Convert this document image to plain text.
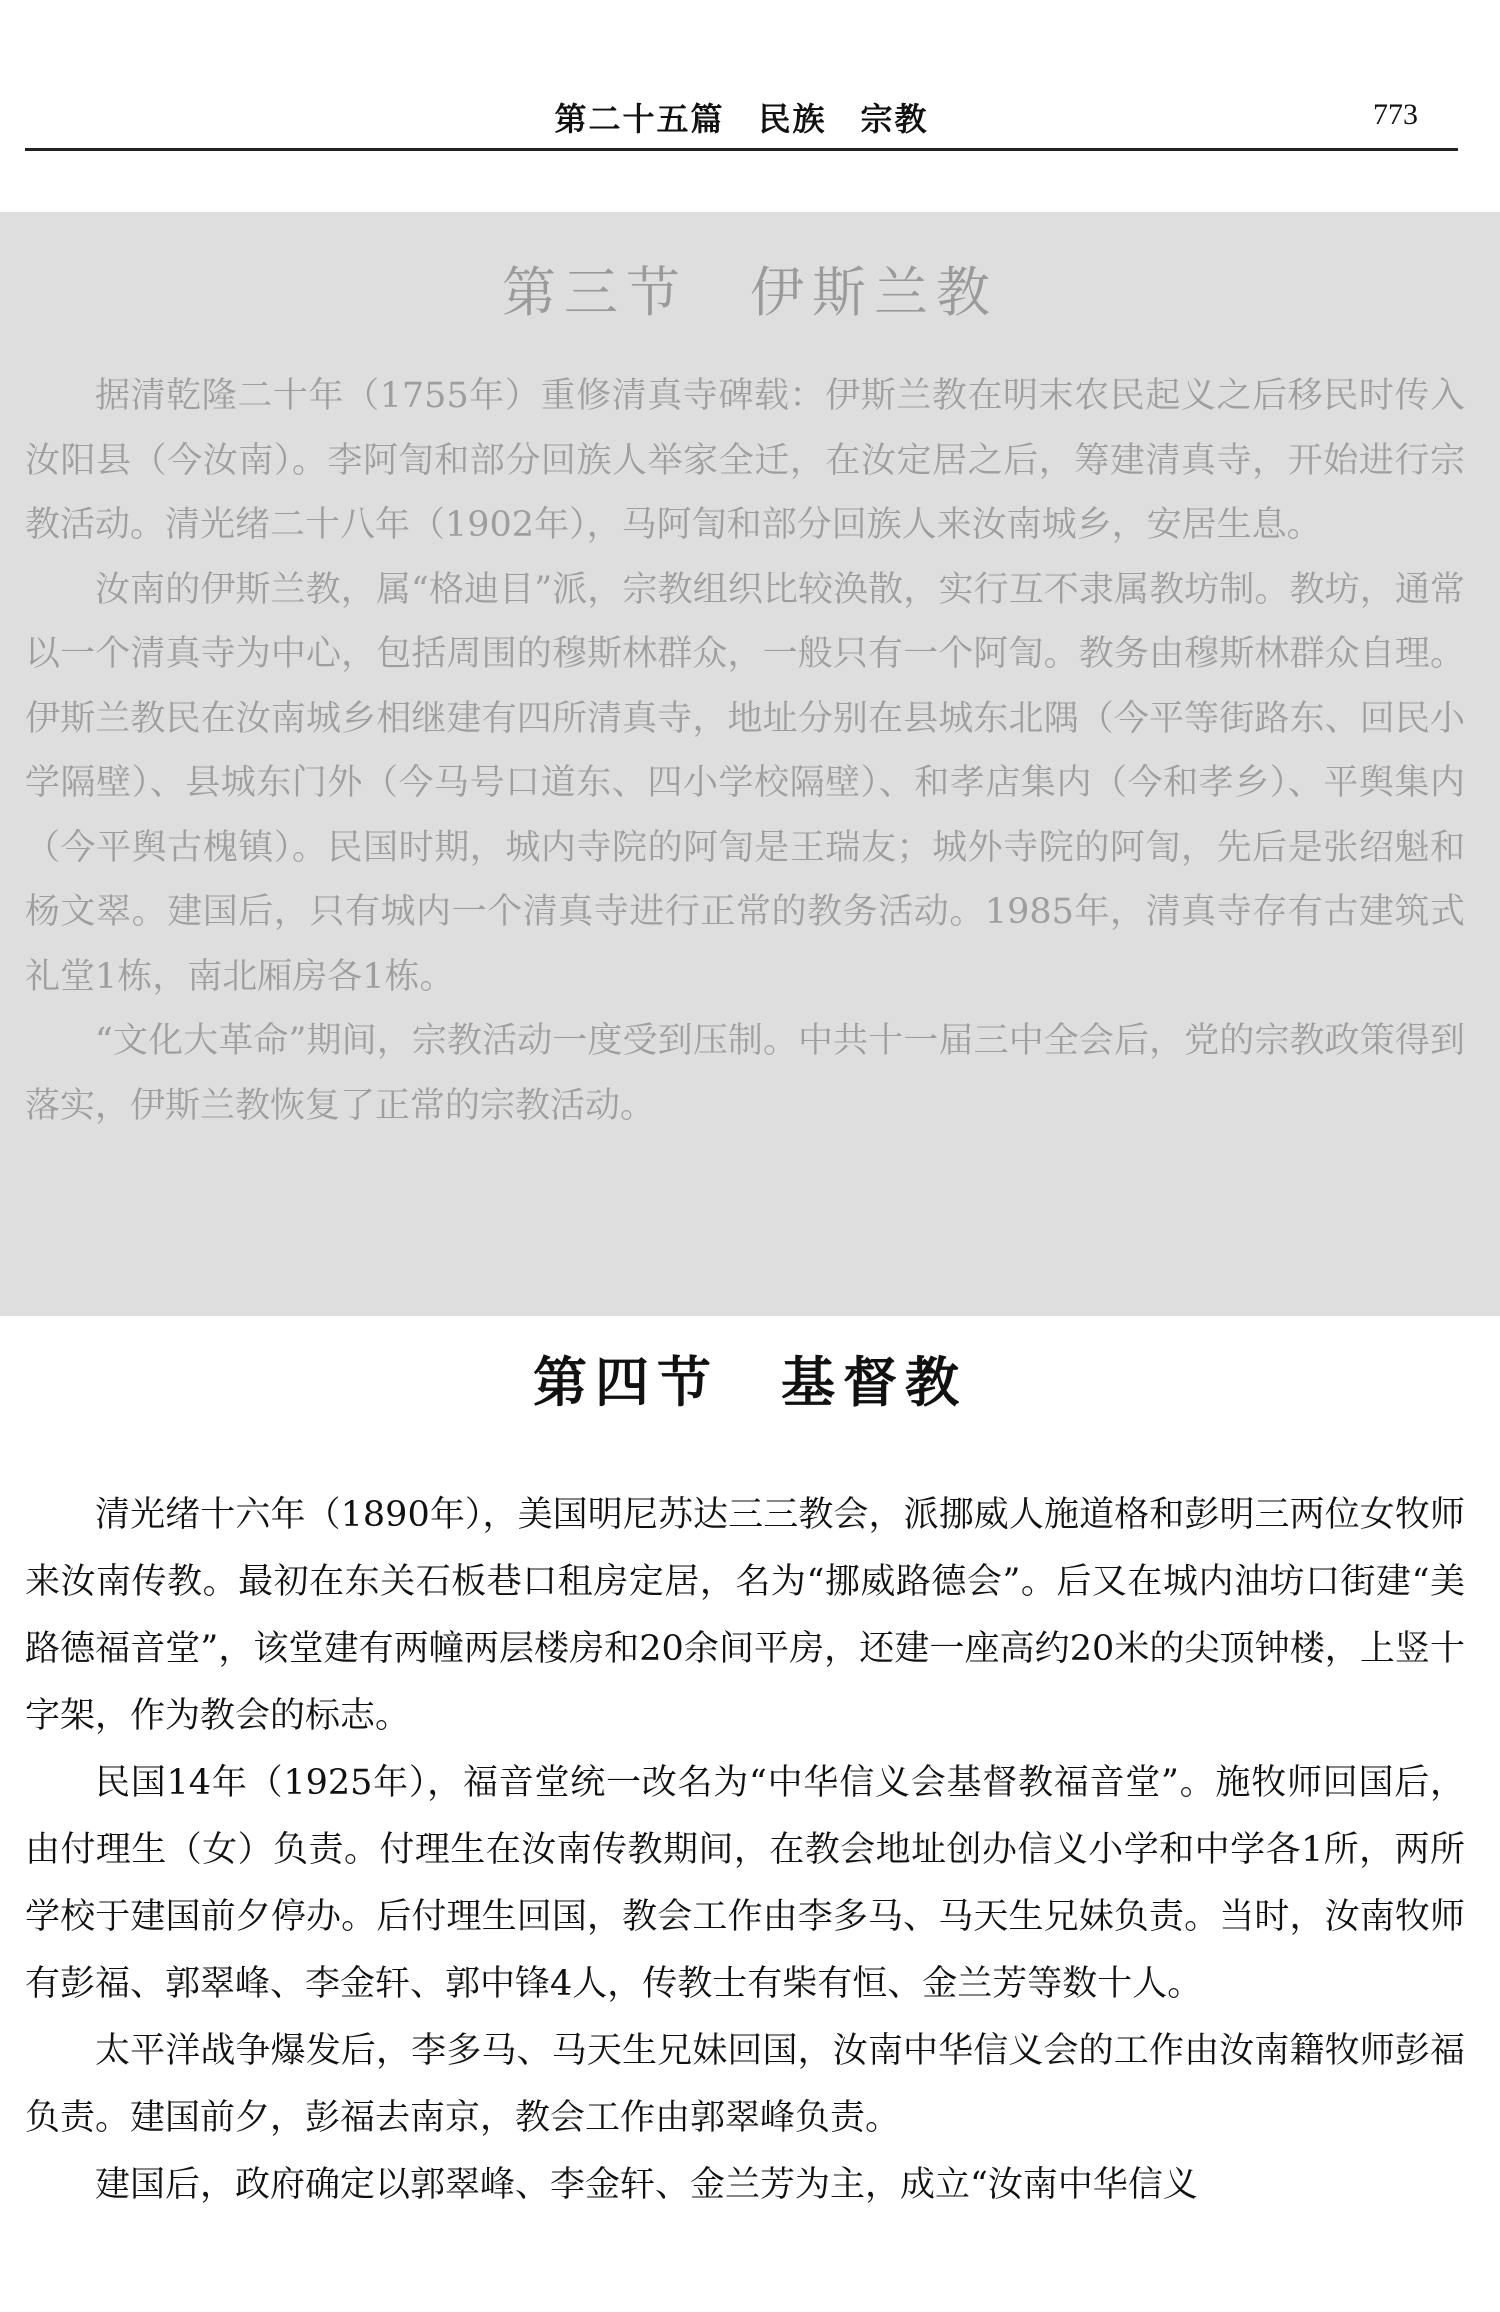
第二十五篇　民族　宗教	773
第三节　伊斯兰教

据清乾隆二十年（1755年）重修清真寺碑载：伊斯兰教在明末农民起义之后移民时传入汝阳县（今汝南）。李阿訇和部分回族人举家全迁，在汝定居之后，筹建清真寺，开始进行宗教活动。清光绪二十八年（1902年），马阿訇和部分回族人来汝南城乡，安居生息。

汝南的伊斯兰教，属“格迪目”派，宗教组织比较涣散，实行互不隶属教坊制。教坊，通常以一个清真寺为中心，包括周围的穆斯林群众，一般只有一个阿訇。教务由穆斯林群众自理。伊斯兰教民在汝南城乡相继建有四所清真寺，地址分别在县城东北隅（今平等街路东、回民小学隔壁）、县城东门外（今马号口道东、四小学校隔壁）、和孝店集内（今和孝乡）、平舆集内（今平舆古槐镇）。民国时期，城内寺院的阿訇是王瑞友；城外寺院的阿訇，先后是张绍魁和杨文翠。建国后，只有城内一个清真寺进行正常的教务活动。1985年，清真寺存有古建筑式礼堂1栋，南北厢房各1栋。

“文化大革命”期间，宗教活动一度受到压制。中共十一届三中全会后，党的宗教政策得到落实，伊斯兰教恢复了正常的宗教活动。

第四节　基督教

清光绪十六年（1890年），美国明尼苏达三三教会，派挪威人施道格和彭明三两位女牧师来汝南传教。最初在东关石板巷口租房定居，名为“挪威路德会”。后又在城内油坊口街建“美路德福音堂”，该堂建有两幢两层楼房和20余间平房，还建一座高约20米的尖顶钟楼，上竖十字架，作为教会的标志。

民国14年（1925年），福音堂统一改名为“中华信义会基督教福音堂”。施牧师回国后，由付理生（女）负责。付理生在汝南传教期间，在教会地址创办信义小学和中学各1所，两所学校于建国前夕停办。后付理生回国，教会工作由李多马、马天生兄妹负责。当时，汝南牧师有彭福、郭翠峰、李金轩、郭中锋4人，传教士有柴有恒、金兰芳等数十人。

太平洋战争爆发后，李多马、马天生兄妹回国，汝南中华信义会的工作由汝南籍牧师彭福负责。建国前夕，彭福去南京，教会工作由郭翠峰负责。

建国后，政府确定以郭翠峰、李金轩、金兰芳为主，成立“汝南中华信义
